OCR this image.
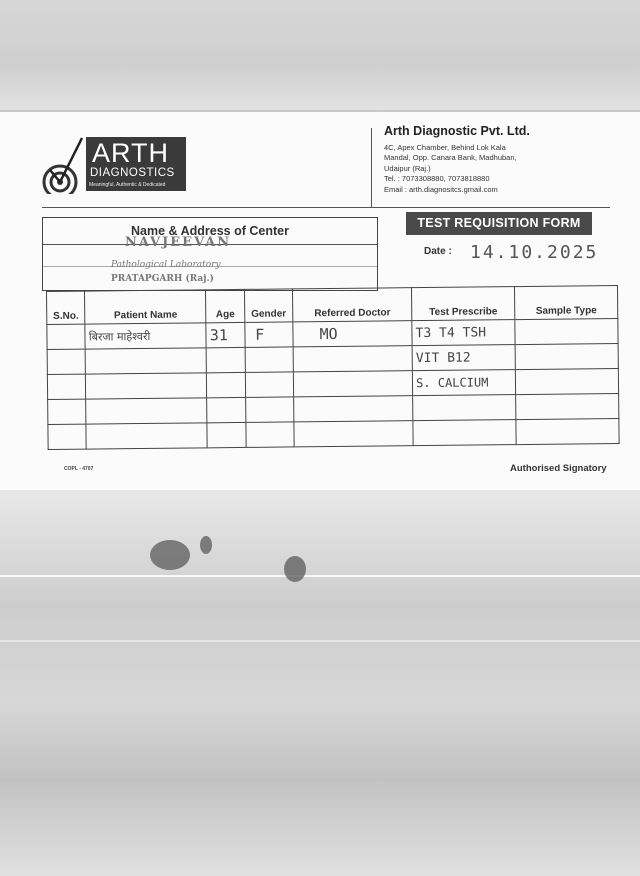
ARTH
DIAGNOSTICS
Meaningful, Authentic & Dedicated
Arth Diagnostic Pvt. Ltd.
4C, Apex Chamber, Behind Lok Kala
Mandal, Opp. Canara Bank, Madhuban,
Udaipur (Raj.)
Tel. : 7073308880, 7073818880
Email : arth.diagnositcs.gmail.com
Name & Address of Center
NAVJEEVAN
Pathological Laboratory
PRATAPGARH (Raj.)
TEST REQUISITION FORM
Date : 14.10.2025
S.No.	Patient Name	Age	Gender	Referred Doctor	Test Prescribe	Sample Type
	बिरजा माहेश्वरी	31	F	MO	T3 T4 TSH	
					VIT B12	
					S. CALCIUM	

COPL - 4707	Authorised Signatory
